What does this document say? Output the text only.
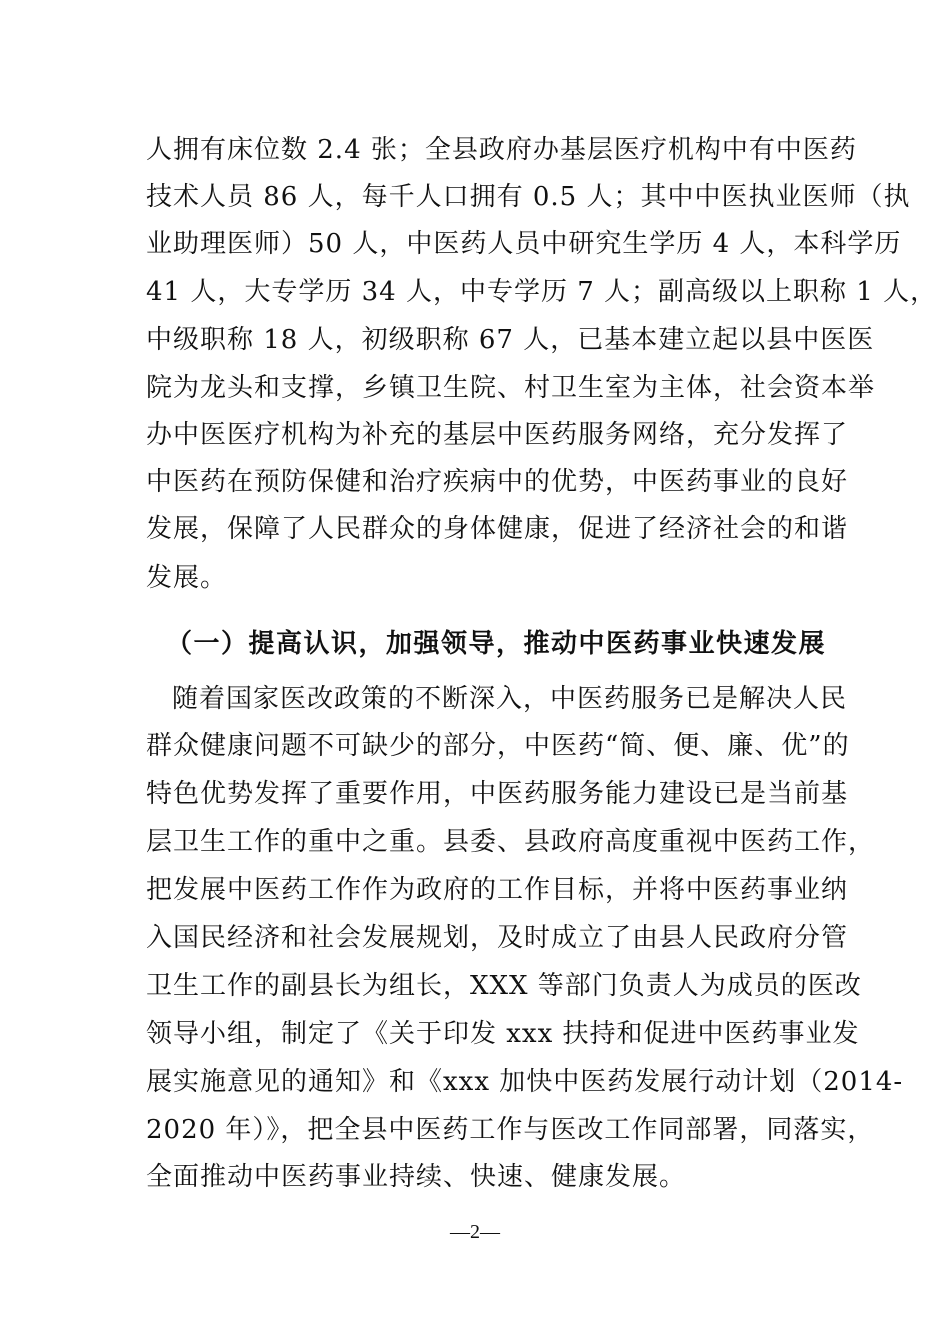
人拥有床位数 2.4 张；全县政府办基层医疗机构中有中医药
技术人员 86 人，每千人口拥有 0.5 人；其中中医执业医师（执
业助理医师）50 人，中医药人员中研究生学历 4 人，本科学历
41 人，大专学历 34 人，中专学历 7 人；副高级以上职称 1 人，
中级职称 18 人，初级职称 67 人，已基本建立起以县中医医
院为龙头和支撑，乡镇卫生院、村卫生室为主体，社会资本举
办中医医疗机构为补充的基层中医药服务网络，充分发挥了
中医药在预防保健和治疗疾病中的优势，中医药事业的良好
发展，保障了人民群众的身体健康，促进了经济社会的和谐
发展。
（一）提高认识，加强领导，推动中医药事业快速发展
随着国家医改政策的不断深入，中医药服务已是解决人民
群众健康问题不可缺少的部分，中医药“简、便、廉、优”的
特色优势发挥了重要作用，中医药服务能力建设已是当前基
层卫生工作的重中之重。县委、县政府高度重视中医药工作，
把发展中医药工作作为政府的工作目标，并将中医药事业纳
入国民经济和社会发展规划，及时成立了由县人民政府分管
卫生工作的副县长为组长，XXX 等部门负责人为成员的医改
领导小组，制定了《关于印发 xxx 扶持和促进中医药事业发
展实施意见的通知》和《xxx 加快中医药发展行动计划（2014-
2020 年）》，把全县中医药工作与医改工作同部署，同落实，
全面推动中医药事业持续、快速、健康发展。
—2—
